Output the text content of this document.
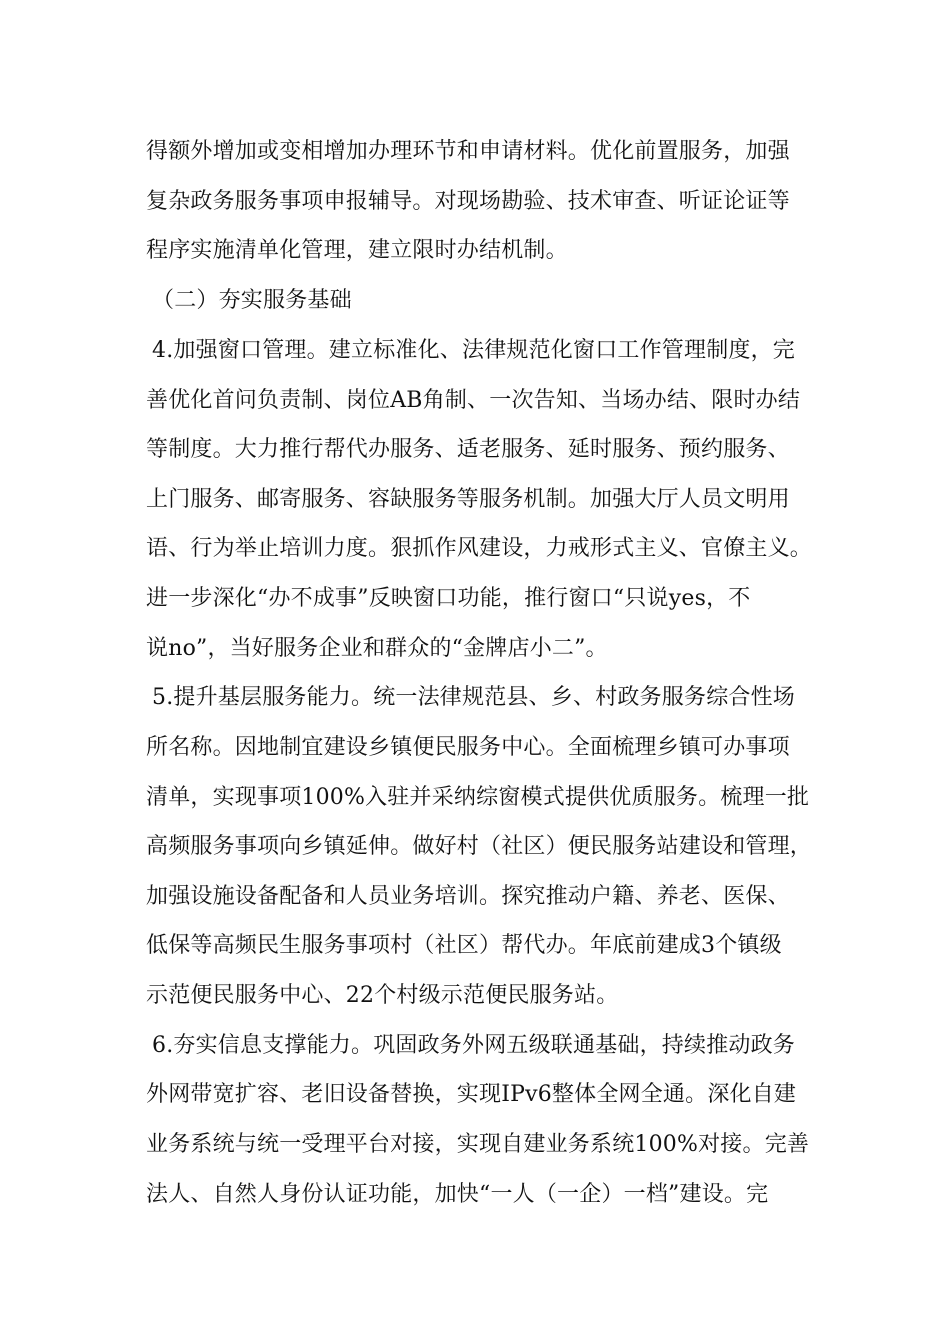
得额外增加或变相增加办理环节和申请材料。优化前置服务，加强
复杂政务服务事项申报辅导。对现场勘验、技术审查、听证论证等
程序实施清单化管理，建立限时办结机制。
（二）夯实服务基础
4.加强窗口管理。建立标准化、法律规范化窗口工作管理制度，完
善优化首问负责制、岗位AB角制、一次告知、当场办结、限时办结
等制度。大力推行帮代办服务、适老服务、延时服务、预约服务、
上门服务、邮寄服务、容缺服务等服务机制。加强大厅人员文明用
语、行为举止培训力度。狠抓作风建设，力戒形式主义、官僚主义。
进一步深化“办不成事”反映窗口功能，推行窗口“只说yes，不
说no”，当好服务企业和群众的“金牌店小二”。
5.提升基层服务能力。统一法律规范县、乡、村政务服务综合性场
所名称。因地制宜建设乡镇便民服务中心。全面梳理乡镇可办事项
清单，实现事项100%入驻并采纳综窗模式提供优质服务。梳理一批
高频服务事项向乡镇延伸。做好村（社区）便民服务站建设和管理，
加强设施设备配备和人员业务培训。探究推动户籍、养老、医保、
低保等高频民生服务事项村（社区）帮代办。年底前建成3个镇级
示范便民服务中心、22个村级示范便民服务站。
6.夯实信息支撑能力。巩固政务外网五级联通基础，持续推动政务
外网带宽扩容、老旧设备替换，实现IPv6整体全网全通。深化自建
业务系统与统一受理平台对接，实现自建业务系统100%对接。完善
法人、自然人身份认证功能，加快“一人（一企）一档”建设。完
